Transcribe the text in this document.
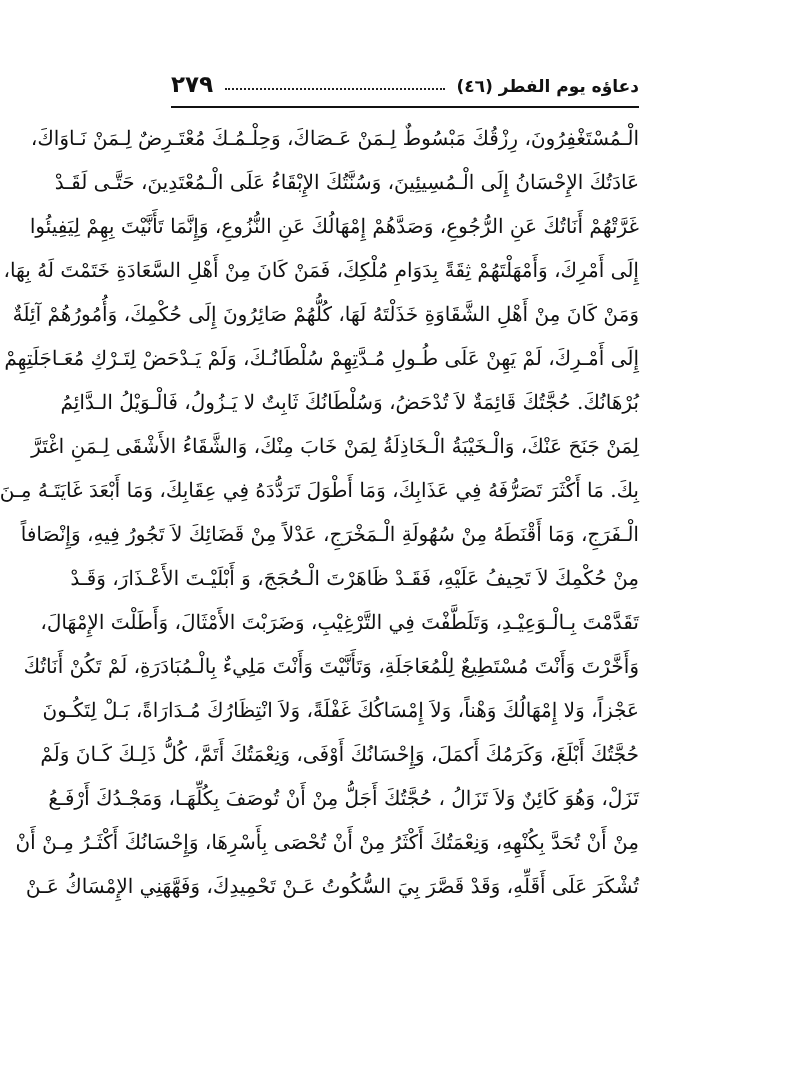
دعاؤه يوم الفطر (٤٦)
٢٧٩
الْـمُسْتَغْفِرُونَ، رِزْقُكَ مَبْسُوطٌ لِـمَنْ عَـصَاكَ، وَحِلْـمُـكَ مُعْتَـرِضٌ لِـمَنْ نَـاوَاكَ،
عَادَتُكَ الإِحْسَانُ إِلَى الْـمُسِيئِينَ، وَسُنَّتُكَ الإِبْقَاءُ عَلَى الْـمُعْتَدِينَ، حَتَّـى لَقَـدْ
غَرَّتْهُمْ أَنَاتُكَ عَنِ الرُّجُوعِ، وَصَدَّهُمْ إِمْهَالُكَ عَنِ النُّزُوعِ، وَإِنَّمَا تَأَنَّيْتَ بِهِمْ لِيَفِيئُوا
إِلَى أَمْرِكَ، وَأَمْهَلْتَهُمْ ثِقَةً بِدَوَامِ مُلْكِكَ، فَمَنْ كَانَ مِنْ أَهْلِ السَّعَادَةِ خَتَمْتَ لَهُ بِهَا،
وَمَنْ كَانَ مِنْ أَهْلِ الشَّقَاوَةِ خَذَلْتَهُ لَهَا، كُلُّهُمْ صَائِرُونَ إِلَى حُكْمِكَ، وَأُمُورُهُمْ آئِلَةٌ
إِلَى أَمْـرِكَ، لَمْ يَهِنْ عَلَى طُـولِ مُـدَّتِهِمْ سُلْطَانُـكَ، وَلَمْ يَـدْحَضْ لِتَـرْكِ مُعَـاجَلَتِهِمْ
بُرْهَانُكَ. حُجَّتُكَ قَائِمَةٌ لاَ تُدْحَضُ، وَسُلْطَانُكَ ثَابِتٌ لا يَـزُولُ، فَالْـوَيْلُ الـدَّائِمُ
لِمَنْ جَنَحَ عَنْكَ، وَالْـخَيْبَةُ الْـخَاذِلَةُ لِمَنْ خَابَ مِنْكَ، وَالشَّقَاءُ الأَشْقَى لِـمَنِ اغْتَرَّ
بِكَ. مَا أَكْثَرَ تَصَرُّفَهُ فِي عَذَابِكَ، وَمَا أَطْوَلَ تَرَدُّدَهُ فِي عِقَابِكَ، وَمَا أَبْعَدَ غَايَتَـهُ مِـنَ
الْـفَرَجِ، وَمَا أَقْنَطَهُ مِنْ سُهُولَةِ الْـمَخْرَجِ، عَدْلاً مِنْ قَضَائِكَ لاَ تَجُورُ فِيهِ، وَإِنْصَافاً
مِنْ حُكْمِكَ لاَ تَحِيفُ عَلَيْهِ، فَقَـدْ ظَاهَرْتَ الْـحُجَجَ، وَ أَبْلَيْـتَ الأَعْـذَارَ، وَقَـدْ
تَقَدَّمْتَ بِـالْـوَعِيْـدِ، وَتَلَطَّفْتَ فِي التَّرْغِيْبِ، وَضَرَبْتَ الأَمْثَالَ، وَأَطَلْتَ الإِمْهَالَ،
وَأَخَّرْتَ وَأَنْتَ مُسْتَطِيعٌ لِلْمُعَاجَلَةِ، وَتَأَنَّيْتَ وَأَنْتَ مَلِيءٌ بِالْـمُبَادَرَةِ، لَمْ تَكُنْ أَنَاتُكَ
عَجْزاً، وَلا إِمْهَالُكَ وَهْناً، وَلاَ إِمْسَاكُكَ غَفْلَةً، وَلاَ انْتِظَارُكَ مُـدَارَاةً، بَـلْ لِتَكُـونَ
حُجَّتُكَ أَبْلَغَ، وَكَرَمُكَ أَكمَلَ، وَإِحْسَانُكَ أَوْفَى، وَنِعْمَتُكَ أَتَمَّ، كُلُّ ذَلِـكَ كَـانَ وَلَمْ
تَزَلْ، وَهُوَ كَائِنٌ وَلاَ تَزَالُ ، حُجَّتُكَ أَجَلُّ مِنْ أَنْ تُوصَفَ بِكُلِّهَـا، وَمَجْـدُكَ أَرْفَـعُ
مِنْ أَنْ تُحَدَّ بِكُنْهِهِ، وَنِعْمَتُكَ أَكْثَرُ مِنْ أَنْ تُحْصَى بِأَسْرِهَا، وَإِحْسَانُكَ أَكْثَـرُ مِـنْ أَنْ
تُشْكَرَ عَلَى أَقَلِّهِ، وَقَدْ قَصَّرَ بِيَ السُّكُوتُ عَـنْ تَحْمِيدِكَ، وَفَهَّهَنِي الإِمْسَاكُ عَـنْ
